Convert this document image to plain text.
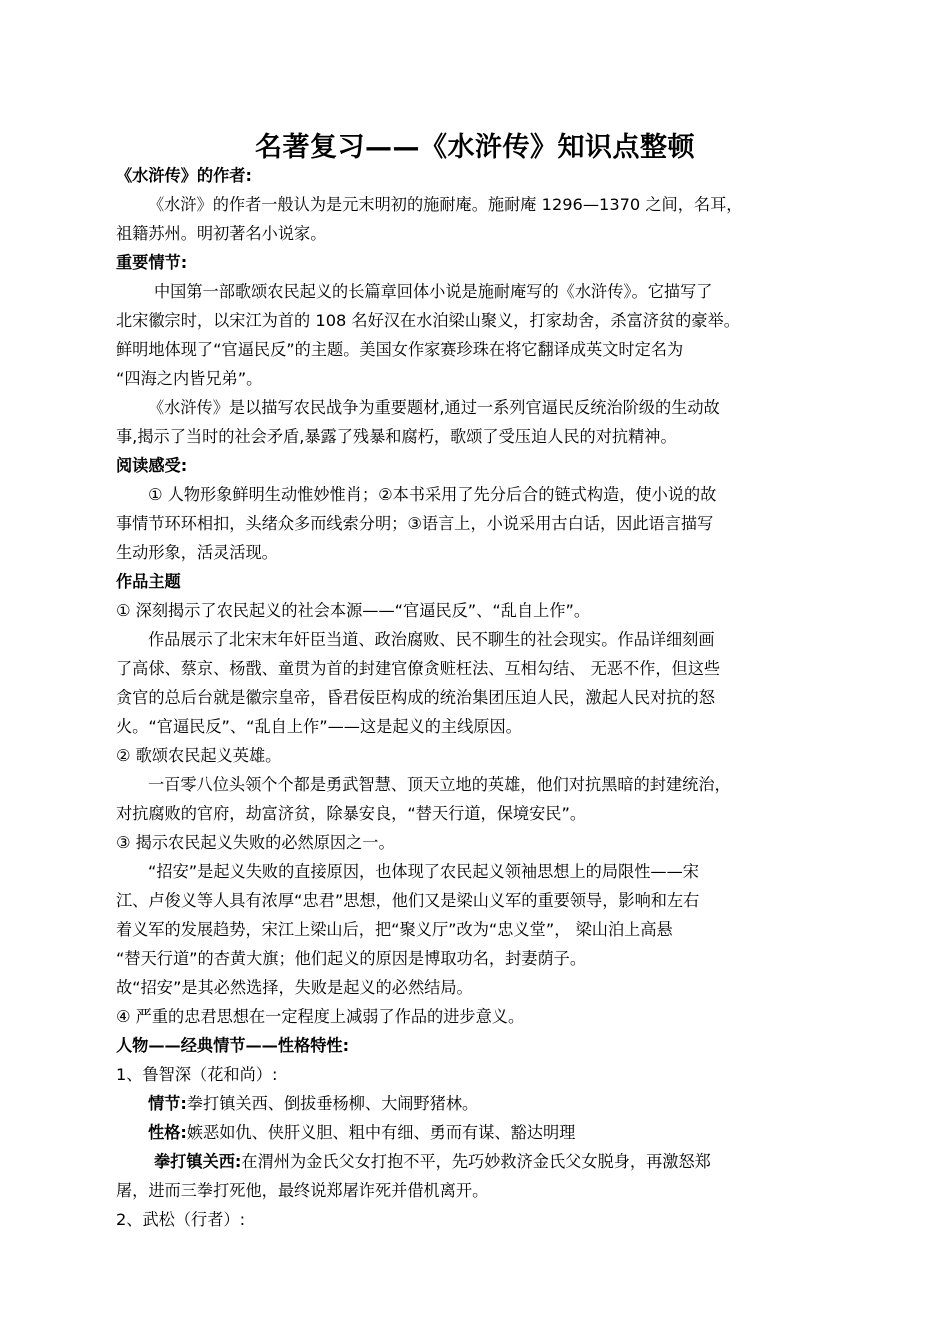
名著复习——《水浒传》知识点整顿
《水浒传》的作者:
《水浒》的作者一般认为是元末明初的施耐庵。施耐庵 1296—1370 之间，名耳，
祖籍苏州。明初著名小说家。
重要情节:
中国第一部歌颂农民起义的长篇章回体小说是施耐庵写的《水浒传》。它描写了
北宋徽宗时，以宋江为首的 108 名好汉在水泊梁山聚义，打家劫舍，杀富济贫的豪举。
鲜明地体现了“官逼民反”的主题。美国女作家赛珍珠在将它翻译成英文时定名为
“四海之内皆兄弟”。
《水浒传》是以描写农民战争为重要题材,通过一系列官逼民反统治阶级的生动故
事,揭示了当时的社会矛盾,暴露了残暴和腐朽，歌颂了受压迫人民的对抗精神。
阅读感受:
① 人物形象鲜明生动惟妙惟肖；②本书采用了先分后合的链式构造，使小说的故
事情节环环相扣，头绪众多而线索分明；③语言上，小说采用古白话，因此语言描写
生动形象，活灵活现。
作品主题
① 深刻揭示了农民起义的社会本源——“官逼民反”、“乱自上作”。
作品展示了北宋末年奸臣当道、政治腐败、民不聊生的社会现实。作品详细刻画
了高俅、蔡京、杨戬、童贯为首的封建官僚贪赃枉法、互相勾结、 无恶不作，但这些
贪官的总后台就是徽宗皇帝，昏君佞臣构成的统治集团压迫人民，激起人民对抗的怒
火。“官逼民反”、“乱自上作”——这是起义的主线原因。
② 歌颂农民起义英雄。
一百零八位头领个个都是勇武智慧、顶天立地的英雄，他们对抗黑暗的封建统治，
对抗腐败的官府，劫富济贫，除暴安良，“替天行道，保境安民”。
③ 揭示农民起义失败的必然原因之一。
“招安”是起义失败的直接原因，也体现了农民起义领袖思想上的局限性——宋
江、卢俊义等人具有浓厚“忠君”思想，他们又是梁山义军的重要领导，影响和左右
着义军的发展趋势，宋江上梁山后，把“聚义厅”改为“忠义堂”， 梁山泊上高悬
“替天行道”的杏黄大旗；他们起义的原因是博取功名，封妻荫子。
故“招安”是其必然选择，失败是起义的必然结局。
④ 严重的忠君思想在一定程度上减弱了作品的进步意义。
人物——经典情节——性格特性:
1、鲁智深（花和尚）:
情节:拳打镇关西、倒拔垂杨柳、大闹野猪林。
性格:嫉恶如仇、侠肝义胆、粗中有细、勇而有谋、豁达明理
拳打镇关西:在渭州为金氏父女打抱不平，先巧妙救济金氏父女脱身，再激怒郑
屠，进而三拳打死他，最终说郑屠诈死并借机离开。
2、武松（行者）:
